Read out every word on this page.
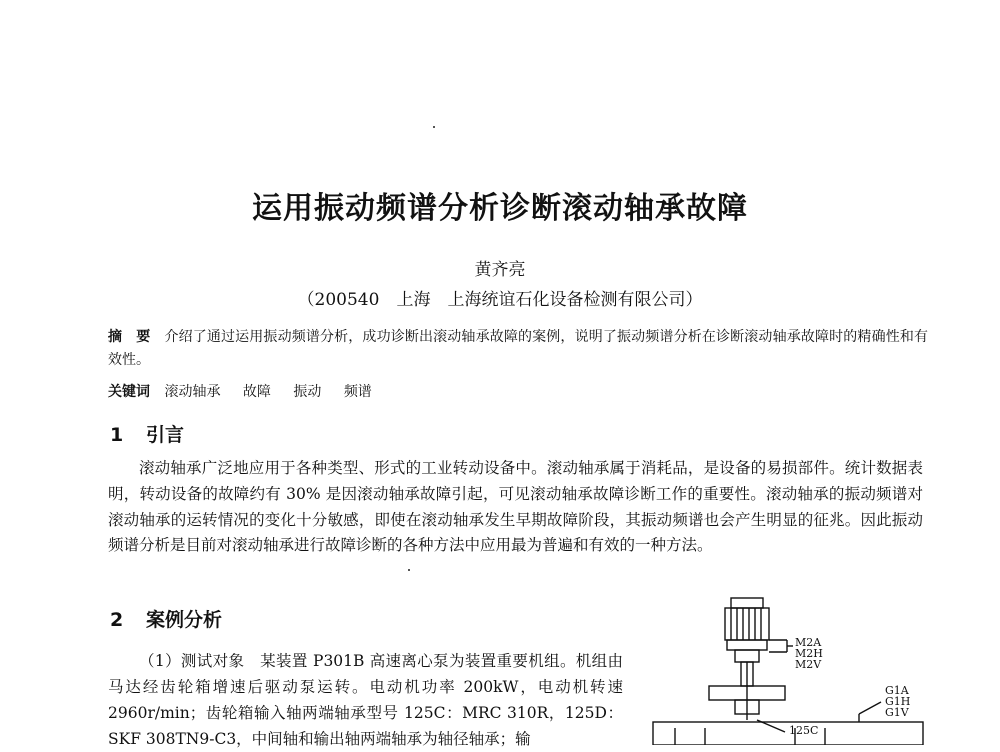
运用振动频谱分析诊断滚动轴承故障
黄齐亮
（200540　上海　上海统谊石化设备检测有限公司）
摘　要 介绍了通过运用振动频谱分析，成功诊断出滚动轴承故障的案例，说明了振动频谱分析在诊断滚动轴承故障时的精确性和有效性。
关键词 滚动轴承 故障 振动 频谱
1 引言
滚动轴承广泛地应用于各种类型、形式的工业转动设备中。滚动轴承属于消耗品，是设备的易损部件。统计数据表明，转动设备的故障约有 30% 是因滚动轴承故障引起，可见滚动轴承故障诊断工作的重要性。滚动轴承的振动频谱对滚动轴承的运转情况的变化十分敏感，即使在滚动轴承发生早期故障阶段，其振动频谱也会产生明显的征兆。因此振动频谱分析是目前对滚动轴承进行故障诊断的各种方法中应用最为普遍和有效的一种方法。
2 案例分析
（1）测试对象　某装置 P301B 高速离心泵为装置重要机组。机组由马达经齿轮箱增速后驱动泵运转。电动机功率 200kW，电动机转速 2960r/min；齿轮箱输入轴两端轴承型号 125C：MRC 310R，125D：SKF 308TN9-C3，中间轴和输出轴两端轴承为轴径轴承；输
M2A
M2H
M2V
G1A
G1H
G1V
125C
